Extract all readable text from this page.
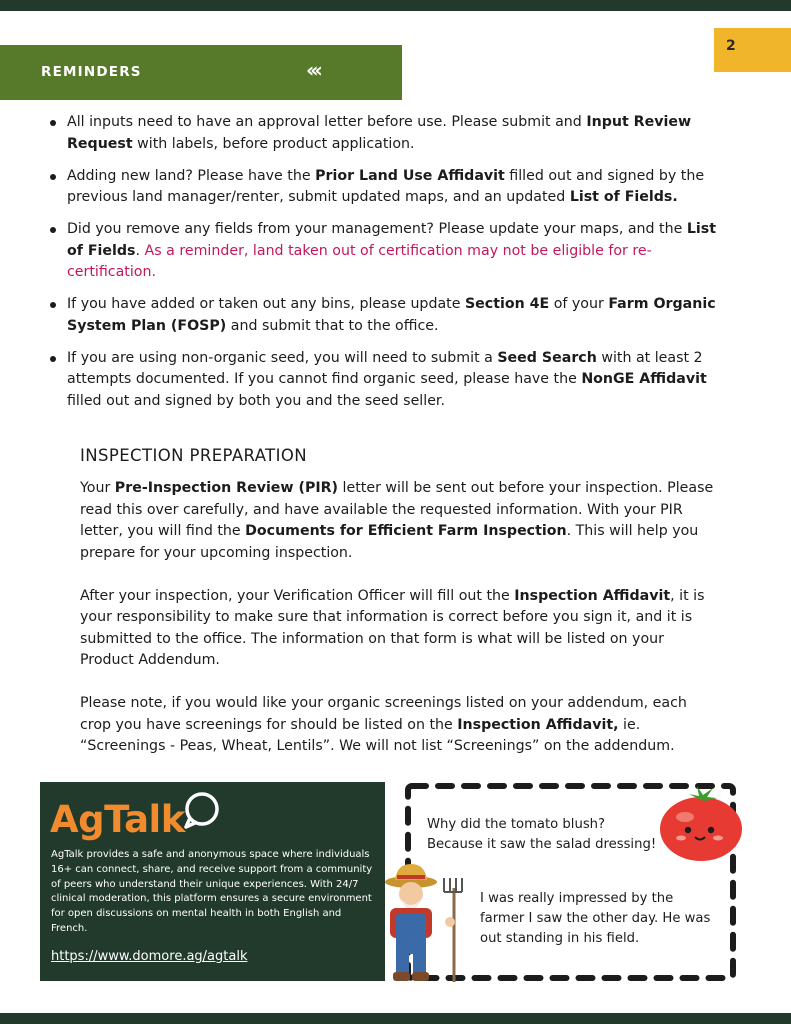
2
REMINDERS	‹‹‹
All inputs need to have an approval letter before use. Please submit and Input Review Request with labels, before product application.
Adding new land? Please have the Prior Land Use Affidavit filled out and signed by the previous land manager/renter, submit updated maps, and an updated List of Fields.
Did you remove any fields from your management? Please update your maps, and the List of Fields. As a reminder, land taken out of certification may not be eligible for re-certification.
If you have added or taken out any bins, please update Section 4E of your Farm Organic System Plan (FOSP) and submit that to the office.
If you are using non-organic seed, you will need to submit a Seed Search with at least 2 attempts documented. If you cannot find organic seed, please have the NonGE Affidavit filled out and signed by both you and the seed seller.
INSPECTION PREPARATION

Your Pre-Inspection Review (PIR) letter will be sent out before your inspection. Please read this over carefully, and have available the requested information. With your PIR letter, you will find the Documents for Efficient Farm Inspection. This will help you prepare for your upcoming inspection.

After your inspection, your Verification Officer will fill out the Inspection Affidavit, it is your responsibility to make sure that information is correct before you sign it, and it is submitted to the office. The information on that form is what will be listed on your Product Addendum.

Please note, if you would like your organic screenings listed on your addendum, each crop you have screenings for should be listed on the Inspection Affidavit, ie. “Screenings - Peas, Wheat, Lentils”. We will not list “Screenings” on the addendum.

AgTalk
AgTalk provides a safe and anonymous space where individuals 16+ can connect, share, and receive support from a community of peers who understand their unique experiences. With 24/7 clinical moderation, this platform ensures a secure environment for open discussions on mental health in both English and French.
https://www.domore.ag/agtalk
Why did the tomato blush?
Because it saw the salad dressing!
I was really impressed by the farmer I saw the other day. He was out standing in his field.
